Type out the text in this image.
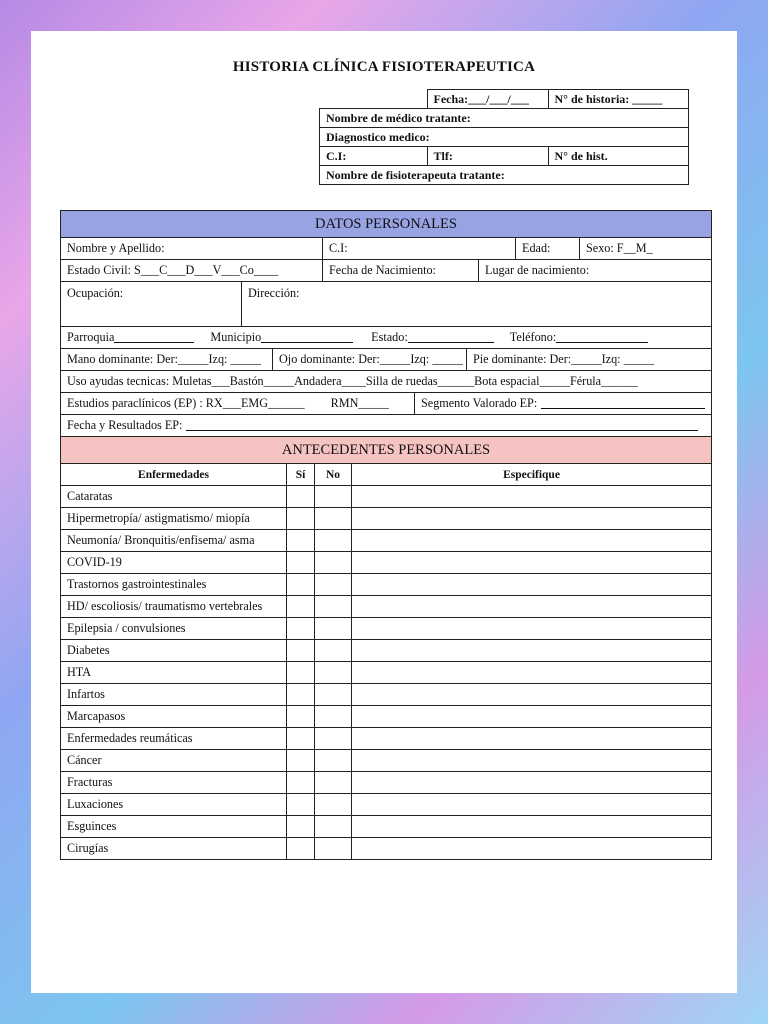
HISTORIA CLÍNICA FISIOTERAPEUTICA
	Fecha:___/___/___	N° de historia: _____
Nombre de médico tratante:		
Diagnostico medico:		
C.I:	Tlf:	N° de hist.
Nombre de fisioterapeuta tratante:		
DATOS PERSONALES
Nombre y Apellido:	C.I:	Edad:	Sexo: F__M_
Estado Civil: S___C___D___V___Co____	Fecha de Nacimiento:	Lugar de nacimiento:
Ocupación:	Dirección:
Parroquia	Municipio	Estado:	Teléfono:
Mano dominante: Der:_____Izq: _____	Ojo dominante: Der:_____Izq: _____ Pie dominante: Der:_____Izq: _____
Uso ayudas tecnicas: Muletas___Bastón_____Andadera____Silla de ruedas______Bota espacial_____Férula______
Estudios paraclínicos (EP) : RX___EMG______ RMN_____	Segmento Valorado EP:
Fecha y Resultados EP:
ANTECEDENTES PERSONALES
Enfermedades	Sí	No	Especifique
Cataratas			
Hipermetropía/ astigmatismo/ miopía			
Neumonía/ Bronquitis/enfisema/ asma			
COVID-19			
Trastornos gastrointestinales			
HD/ escoliosis/ traumatismo vertebrales			
Epilepsia / convulsiones			
Diabetes			
HTA			
Infartos			
Marcapasos			
Enfermedades reumáticas			
Cáncer			
Fracturas			
Luxaciones			
Esguinces			
Cirugías			
